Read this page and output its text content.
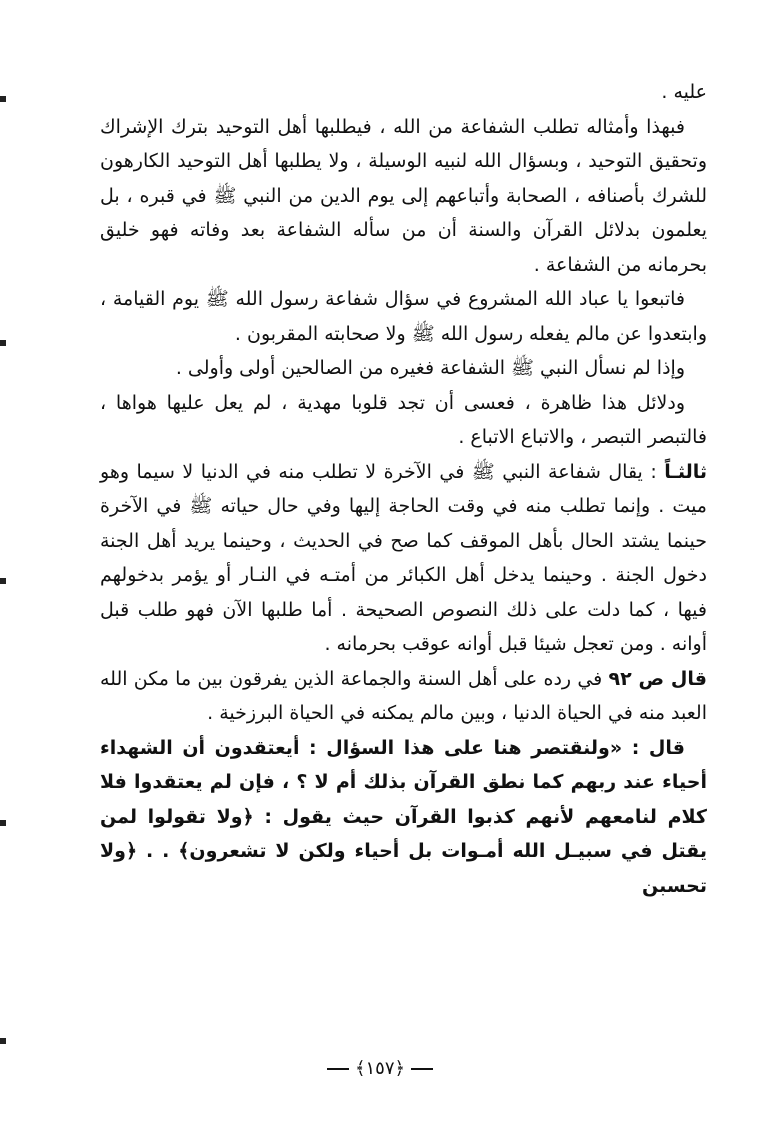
عليه .

فبهذا وأمثاله تطلب الشفاعة من الله ، فيطلبها أهل التوحيد بترك الإشراك وتحقيق التوحيد ، وبسؤال الله لنبيه الوسيلة ، ولا يطلبها أهل التوحيد الكارهون للشرك بأصنافه ، الصحابة وأتباعهم إلى يوم الدين من النبي ﷺ في قبره ، بل يعلمون بدلائل القرآن والسنة أن من سأله الشفاعة بعد وفاته فهو خليق بحرمانه من الشفاعة .

فاتبعوا يا عباد الله المشروع في سؤال شفاعة رسول الله ﷺ يوم القيامة ، وابتعدوا عن مالم يفعله رسول الله ﷺ ولا صحابته المقربون .

وإذا لم نسأل النبي ﷺ الشفاعة فغيره من الصالحين أولى وأولى .

ودلائل هذا ظاهرة ، فعسى أن تجد قلوبا مهدية ، لم يعل عليها هواها ، فالتبصر التبصر ، والاتباع الاتباع .

ثالثـاً : يقال شفاعة النبي ﷺ في الآخرة لا تطلب منه في الدنيا لا سيما وهو ميت . وإنما تطلب منه في وقت الحاجة إليها وفي حال حياته ﷺ في الآخرة حينما يشتد الحال بأهل الموقف كما صح في الحديث ، وحينما يريد أهل الجنة دخول الجنة . وحينما يدخل أهل الكبائر من أمتـه في النـار أو يؤمر بدخولهم فيها ، كما دلت على ذلك النصوص الصحيحة . أما طلبها الآن فهو طلب قبل أوانه . ومن تعجل شيئا قبل أوانه عوقب بحرمانه .

قال ص ٩٢ في رده على أهل السنة والجماعة الذين يفرقون بين ما مكن الله العبد منه في الحياة الدنيا ، وبين مالم يمكنه في الحياة البرزخية .

قال : «ولنقتصر هنا على هذا السؤال : أيعتقدون أن الشهداء أحياء عند ربهم كما نطق القرآن بذلك أم لا ؟ ، فإن لم يعتقدوا فلا كلام لنامعهم لأنهم كذبوا القرآن حيث يقول : ﴿ولا تقولوا لمن يقتل في سبيـل الله أمـوات بل أحياء ولكن لا تشعرون﴾ . . ﴿ولا تحسبن

﴾١٥٧﴿
